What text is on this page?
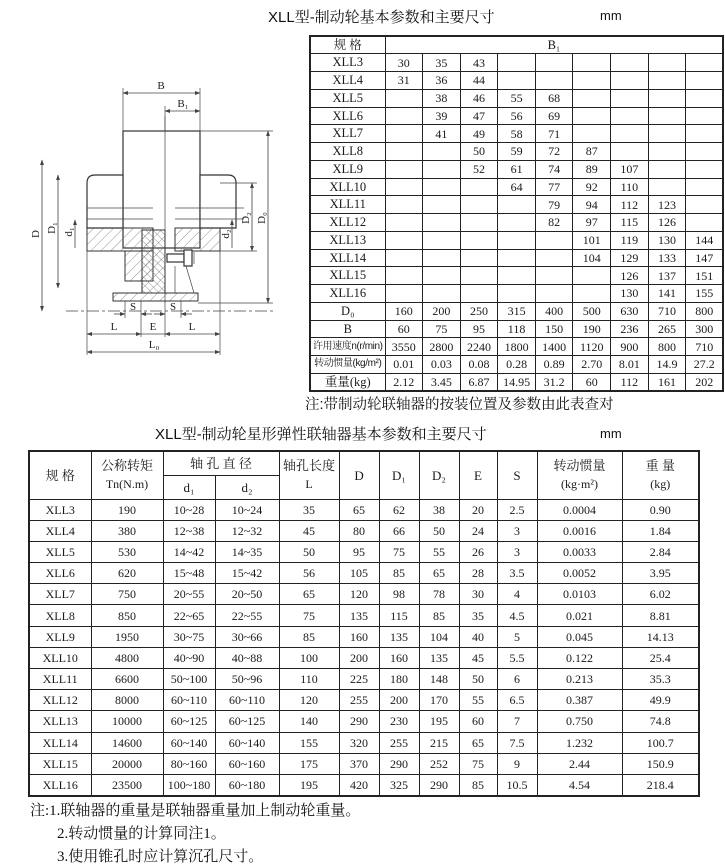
XLL型-制动轮基本参数和主要尺寸	mm
B
B₁
D
D₁ d₁	d₂
D₂ D₀
S	S
L	E	L
L₀
规 格	B₁								
XLL3	30	35	43						
XLL4	31	36	44						
XLL5		38	46	55	68				
XLL6		39	47	56	69				
XLL7		41	49	58	71				
XLL8			50	59	72	87			
XLL9			52	61	74	89	107		
XLL10				64	77	92	110		
XLL11					79	94	112	123	
XLL12					82	97	115	126	
XLL13						101	119	130	144
XLL14						104	129	133	147
XLL15							126	137	151
XLL16							130	141	155
D₀	160	200	250	315	400	500	630	710	800
B	60	75	95	118	150	190	236	265	300
许用速度n(r/min)	3550	2800	2240	1800	1400	1120	900	800	710
转动惯量(kg/m²)	0.01	0.03	0.08	0.28	0.89	2.70	8.01	14.9	27.2
重量(kg)	2.12	3.45	6.87	14.95	31.2	60	112	161	202
注:带制动轮联轴器的按装位置及参数由此表查对
XLL型-制动轮星形弹性联轴器基本参数和主要尺寸	mm
规 格	
公称转矩
Tn(N.m)
	轴 孔 直 径	轴孔长度
L
	D	D₁	D₂	E	S	
转动惯量
(kg·m²)

重 量
(kg)

		d₁	d₂								
XLL3	190	10~28	10~24	35	65	62	38	20	2.5	0.0004	0.90
XLL4	380	12~38	12~32	45	80	66	50	24	3	0.0016	1.84
XLL5	530	14~42	14~35	50	95	75	55	26	3	0.0033	2.84
XLL6	620	15~48	15~42	56	105	85	65	28	3.5	0.0052	3.95
XLL7	750	20~55	20~50	65	120	98	78	30	4	0.0103	6.02
XLL8	850	22~65	22~55	75	135	115	85	35	4.5	0.021	8.81
XLL9	1950	30~75	30~66	85	160	135	104	40	5	0.045	14.13
XLL10	4800	40~90	40~88	100	200	160	135	45	5.5	0.122	25.4
XLL11	6600	50~100	50~96	110	225	180	148	50	6	0.213	35.3
XLL12	8000	60~110	60~110	120	255	200	170	55	6.5	0.387	49.9
XLL13	10000	60~125	60~125	140	290	230	195	60	7	0.750	74.8
XLL14	14600	60~140	60~140	155	320	255	215	65	7.5	1.232	100.7
XLL15	20000	80~160	60~160	175	370	290	252	75	9	2.44	150.9
XLL16	23500	100~180	60~180	195	420	325	290	85	10.5	4.54	218.4
注:1.联轴器的重量是联轴器重量加上制动轮重量。
2.转动惯量的计算同注1。
3.使用锥孔时应计算沉孔尺寸。
